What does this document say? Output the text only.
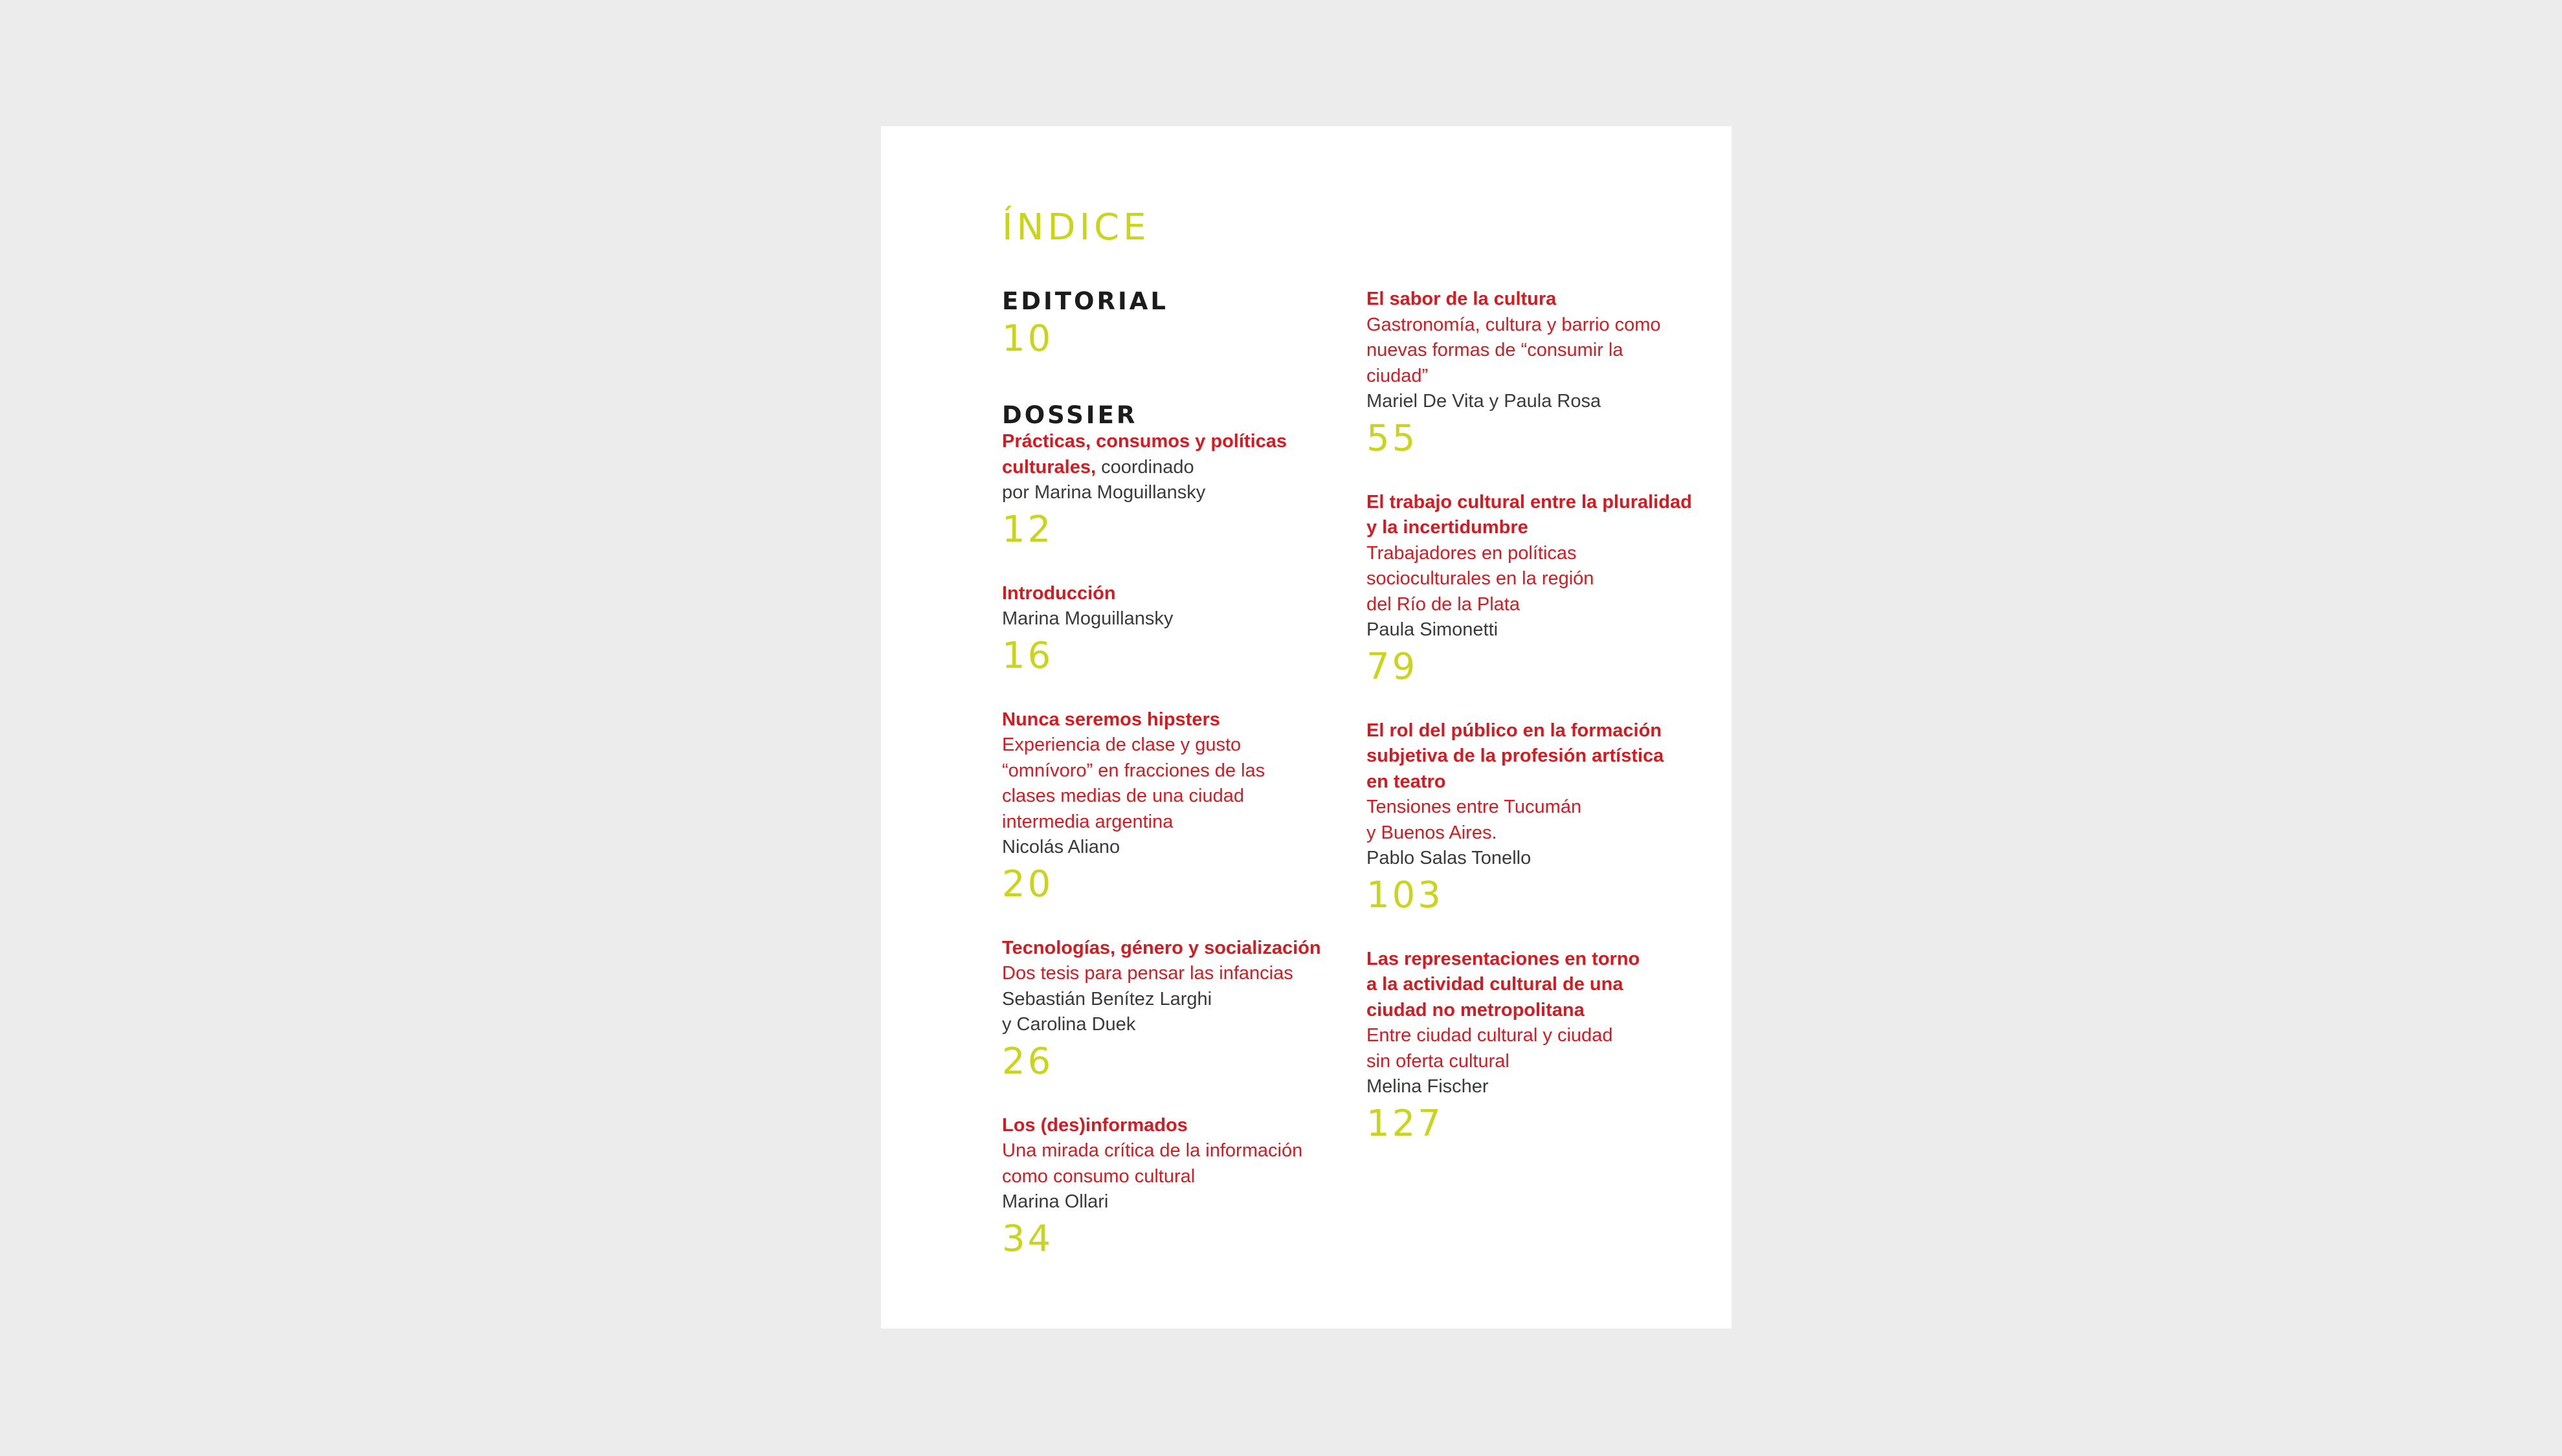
ÍNDICE
EDITORIAL
10
DOSSIER
Prácticas, consumos y políticas
culturales, coordinado
por Marina Moguillansky
12
Introducción
Marina Moguillansky
16
Nunca seremos hipsters
Experiencia de clase y gusto
“omnívoro” en fracciones de las
clases medias de una ciudad
intermedia argentina
Nicolás Aliano
20
Tecnologías, género y socialización
Dos tesis para pensar las infancias
Sebastián Benítez Larghi
y Carolina Duek
26
Los (des)informados
Una mirada crítica de la información
como consumo cultural
Marina Ollari
34
El sabor de la cultura
Gastronomía, cultura y barrio como
nuevas formas de “consumir la
ciudad”
Mariel De Vita y Paula Rosa
55
El trabajo cultural entre la pluralidad
y la incertidumbre
Trabajadores en políticas
socioculturales en la región
del Río de la Plata
Paula Simonetti
79
El rol del público en la formación
subjetiva de la profesión artística
en teatro
Tensiones entre Tucumán
y Buenos Aires.
Pablo Salas Tonello
103
Las representaciones en torno
a la actividad cultural de una
ciudad no metropolitana
Entre ciudad cultural y ciudad
sin oferta cultural
Melina Fischer
127
